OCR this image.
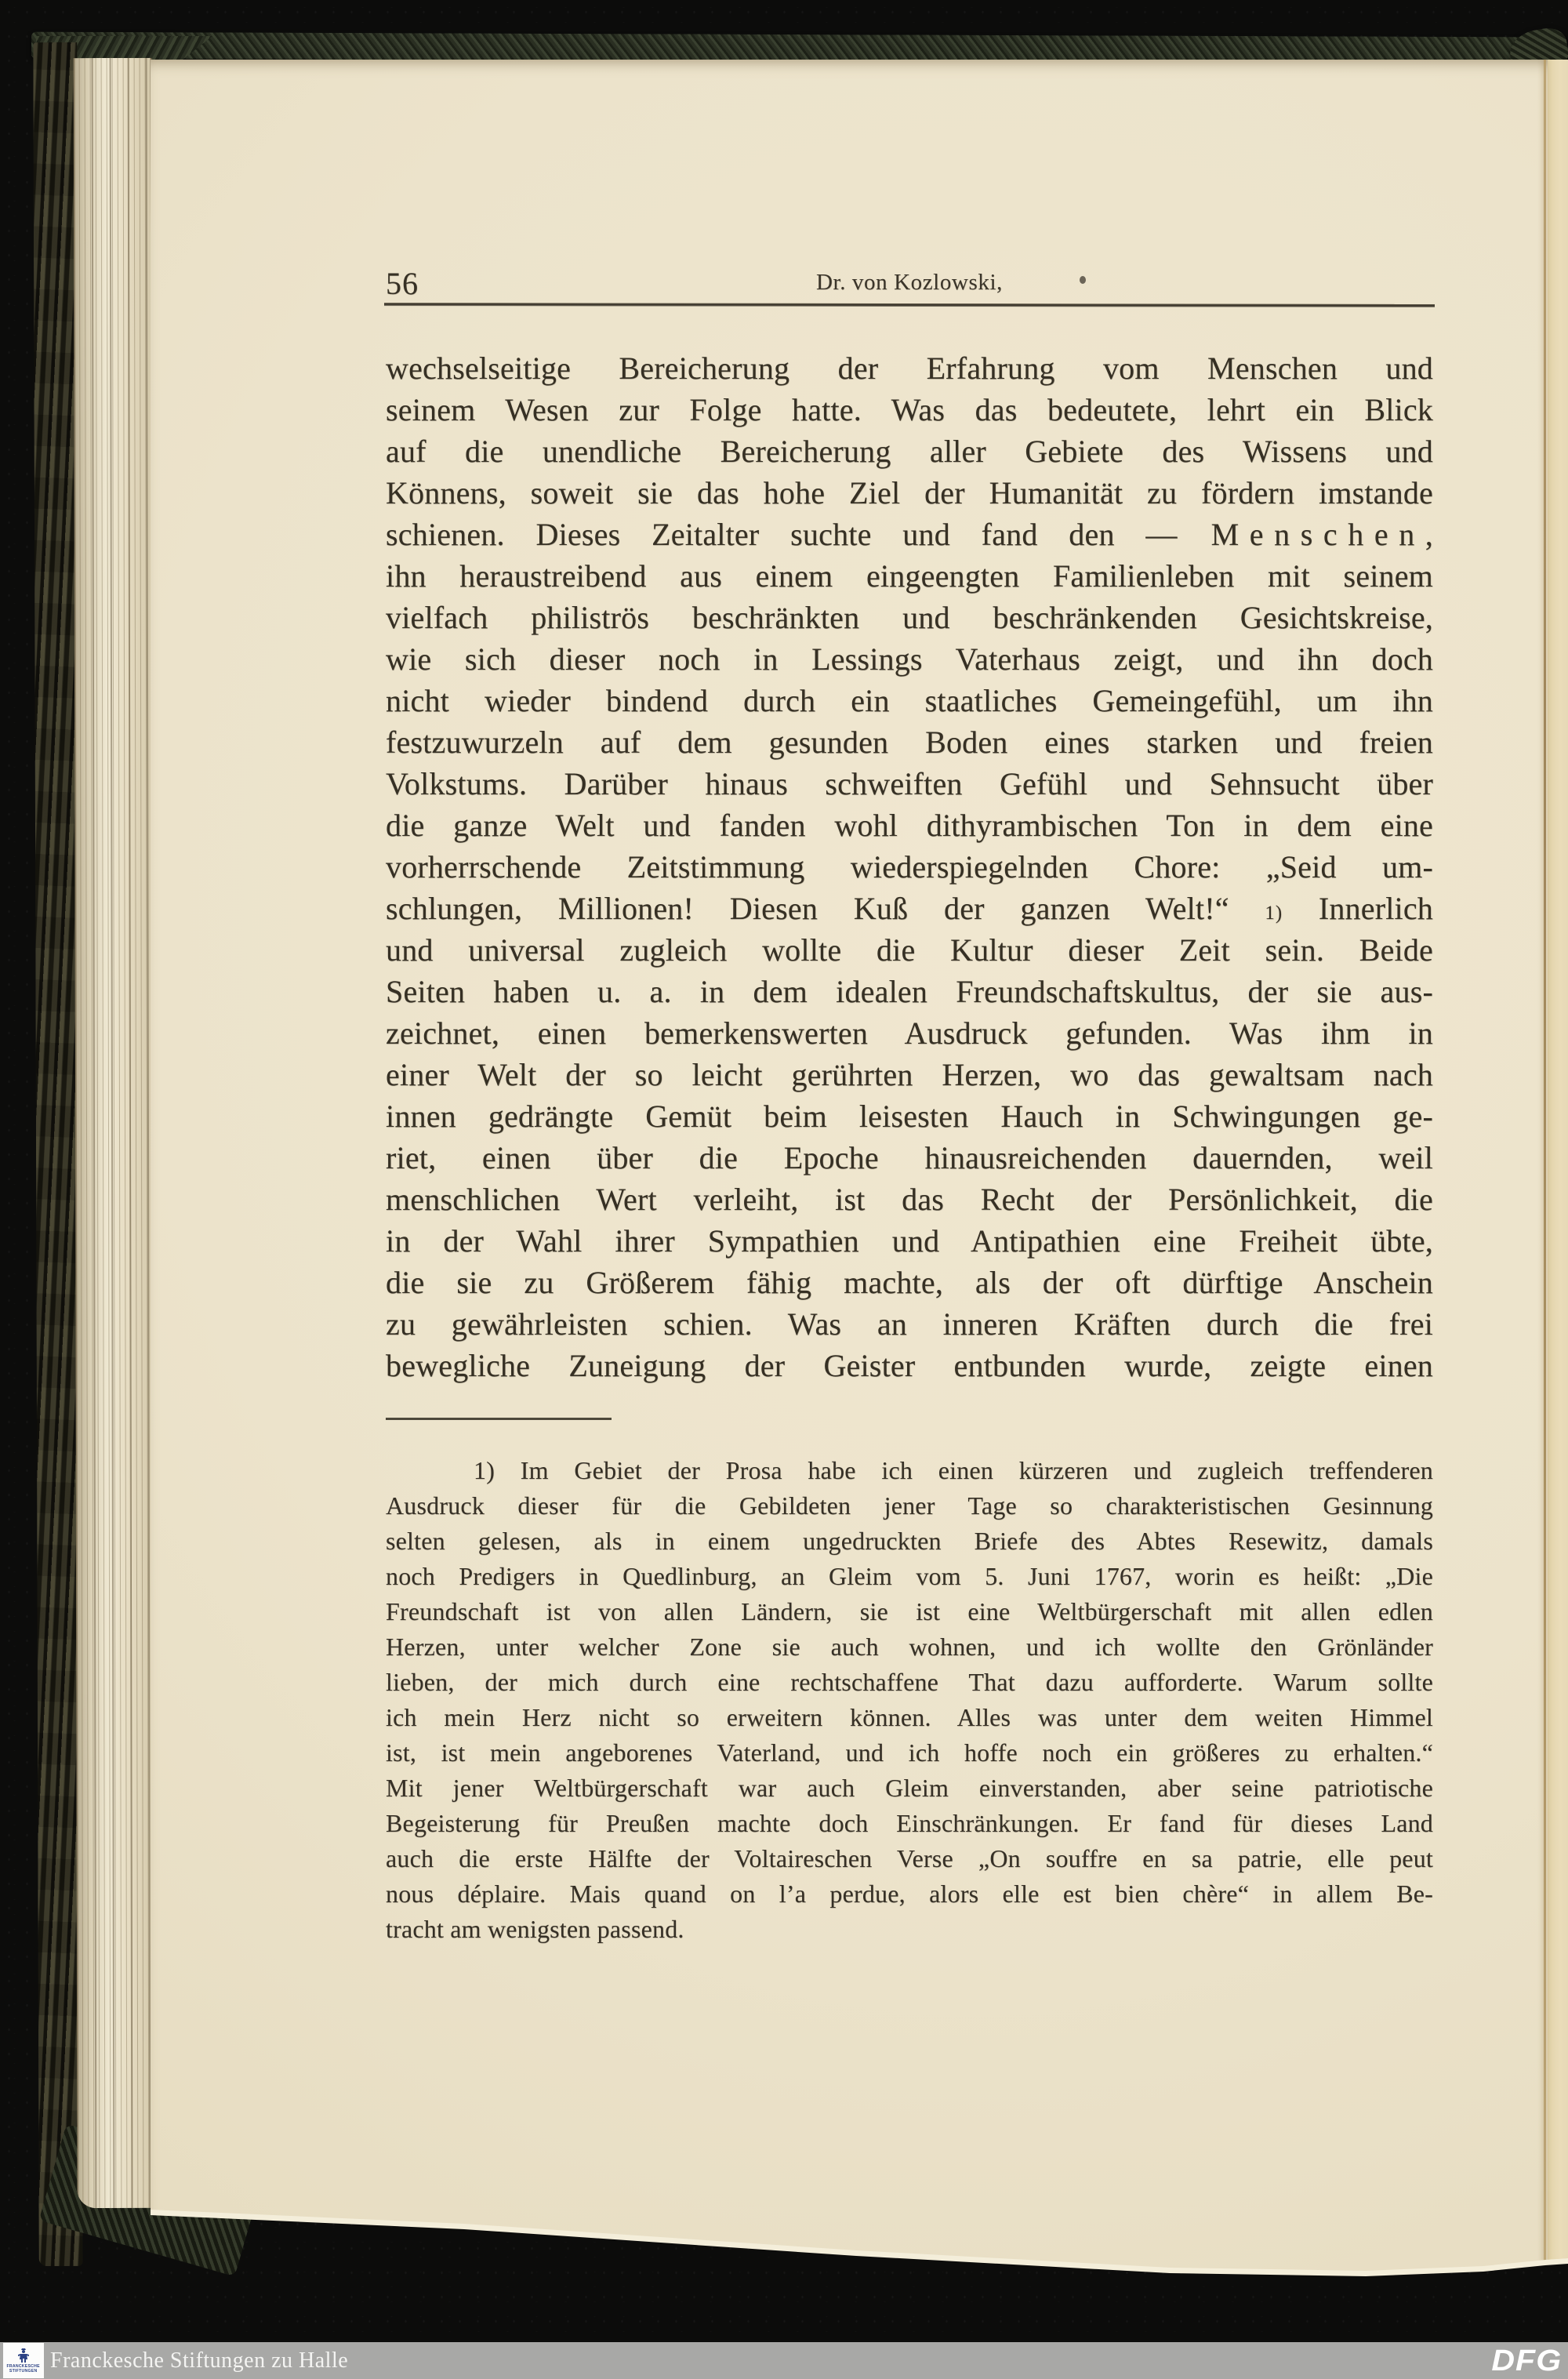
56	Dr. von Kozlowski,
wechselseitige Bereicherung der Erfahrung vom Menschen und
seinem Wesen zur Folge hatte. Was das bedeutete, lehrt ein Blick
auf die unendliche Bereicherung aller Gebiete des Wissens und
Könnens, soweit sie das hohe Ziel der Humanität zu fördern imstande
schienen. Dieses Zeitalter suchte und fand den — Menschen,
ihn heraustreibend aus einem eingeengten Familienleben mit seinem
vielfach philiströs beschränkten und beschränkenden Gesichtskreise,
wie sich dieser noch in Lessings Vaterhaus zeigt, und ihn doch
nicht wieder bindend durch ein staatliches Gemeingefühl, um ihn
festzuwurzeln auf dem gesunden Boden eines starken und freien
Volkstums. Darüber hinaus schweiften Gefühl und Sehnsucht über
die ganze Welt und fanden wohl dithyrambischen Ton in dem eine
vorherrschende Zeitstimmung wiederspiegelnden Chore: „Seid um-
schlungen, Millionen! Diesen Kuß der ganzen Welt!“ $^{1)}$ Innerlich
und universal zugleich wollte die Kultur dieser Zeit sein. Beide
Seiten haben u. a. in dem idealen Freundschaftskultus, der sie aus-
zeichnet, einen bemerkenswerten Ausdruck gefunden. Was ihm in
einer Welt der so leicht gerührten Herzen, wo das gewaltsam nach
innen gedrängte Gemüt beim leisesten Hauch in Schwingungen ge-
riet, einen über die Epoche hinausreichenden dauernden, weil
menschlichen Wert verleiht, ist das Recht der Persönlichkeit, die
in der Wahl ihrer Sympathien und Antipathien eine Freiheit übte,
die sie zu Größerem fähig machte, als der oft dürftige Anschein
zu gewährleisten schien. Was an inneren Kräften durch die frei
bewegliche Zuneigung der Geister entbunden wurde, zeigte einen
1) Im Gebiet der Prosa habe ich einen kürzeren und zugleich treffenderen
Ausdruck dieser für die Gebildeten jener Tage so charakteristischen Gesinnung
selten gelesen, als in einem ungedruckten Briefe des Abtes Resewitz, damals
noch Predigers in Quedlinburg, an Gleim vom 5. Juni 1767, worin es heißt: „Die
Freundschaft ist von allen Ländern, sie ist eine Weltbürgerschaft mit allen edlen
Herzen, unter welcher Zone sie auch wohnen, und ich wollte den Grönländer
lieben, der mich durch eine rechtschaffene That dazu aufforderte. Warum sollte
ich mein Herz nicht so erweitern können. Alles was unter dem weiten Himmel
ist, ist mein angeborenes Vaterland, und ich hoffe noch ein größeres zu erhalten.“
Mit jener Weltbürgerschaft war auch Gleim einverstanden, aber seine patriotische
Begeisterung für Preußen machte doch Einschränkungen. Er fand für dieses Land
auch die erste Hälfte der Voltaireschen Verse „On souffre en sa patrie, elle peut
nous déplaire. Mais quand on l’a perdue, alors elle est bien chère“ in allem Be-
tracht am wenigsten passend.
FRANCKESCHE
STIFTUNGEN Franckesche Stiftungen zu Halle	DFG
